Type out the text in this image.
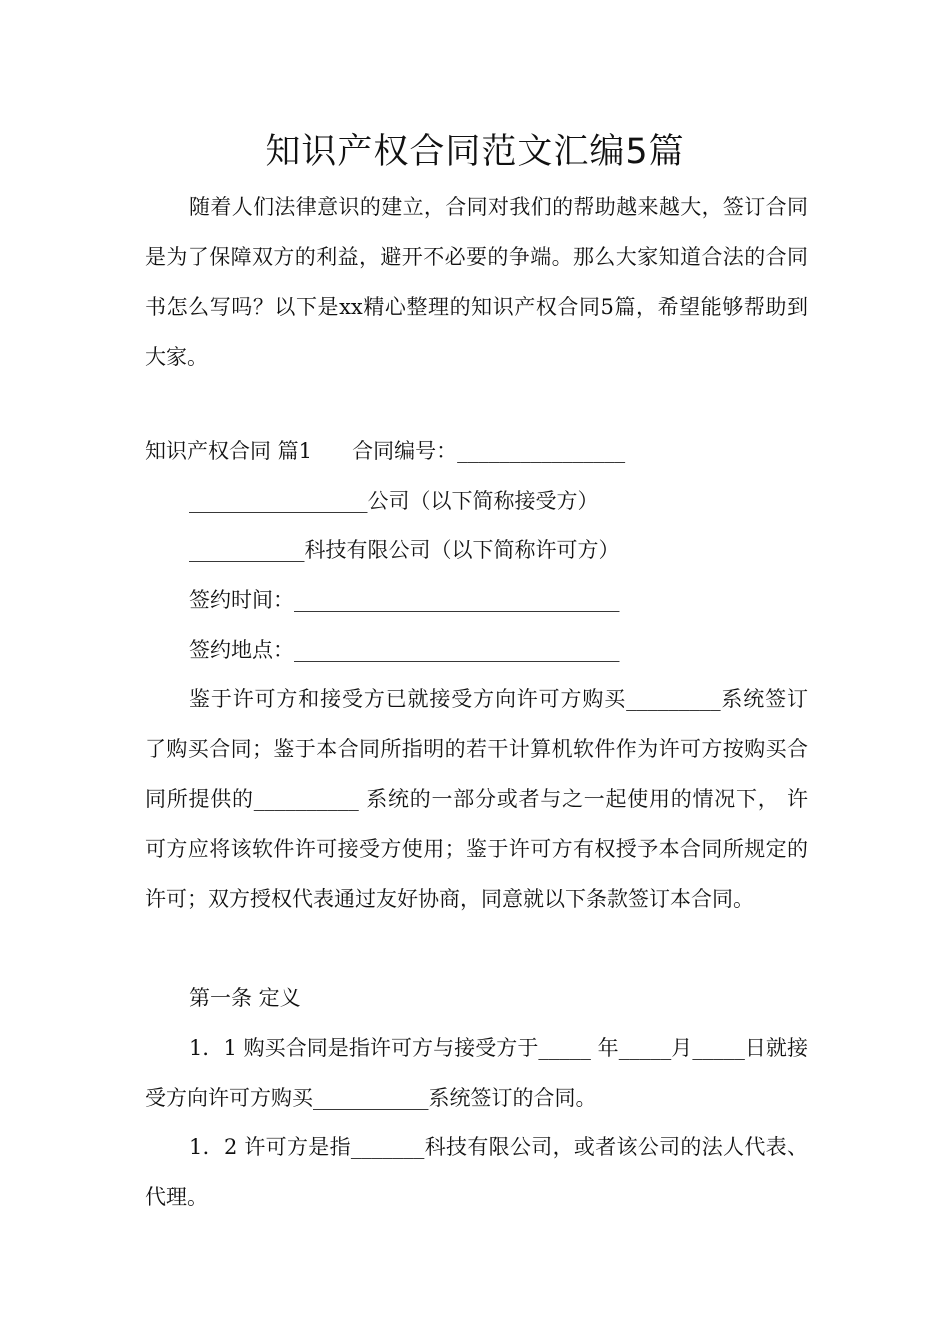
知识产权合同范文汇编5篇
随着人们法律意识的建立，合同对我们的帮助越来越大，签订合同是为了保障双方的利益，避开不必要的争端。那么大家知道合法的合同书怎么写吗？以下是xx精心整理的知识产权合同5篇，希望能够帮助到大家。
知识产权合同 篇1      合同编号：________________
_________________公司（以下简称接受方）
___________科技有限公司（以下简称许可方）
签约时间：_______________________________
签约地点：_______________________________
鉴于许可方和接受方已就接受方向许可方购买_________系统签订了购买合同；鉴于本合同所指明的若干计算机软件作为许可方按购买合同所提供的__________ 系统的一部分或者与之一起使用的情况下， 许可方应将该软件许可接受方使用；鉴于许可方有权授予本合同所规定的许可；双方授权代表通过友好协商，同意就以下条款签订本合同。
第一条 定义
1．1 购买合同是指许可方与接受方于_____ 年_____月_____日就接受方向许可方购买___________系统签订的合同。
1．2 许可方是指_______科技有限公司，或者该公司的法人代表、代理。
